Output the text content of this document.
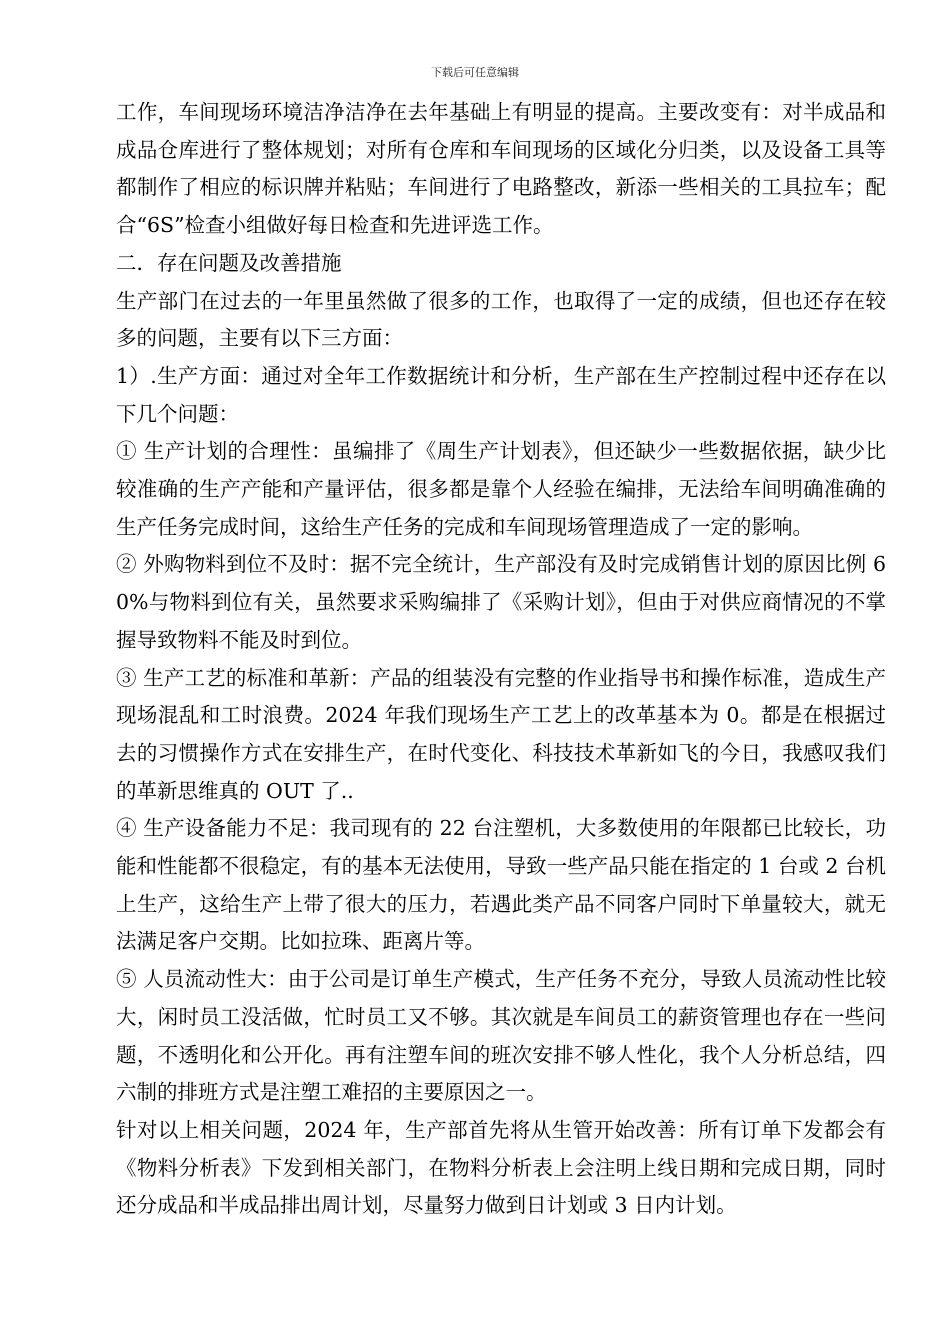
下载后可任意编辑

工作，车间现场环境洁净洁净在去年基础上有明显的提高。主要改变有：对半成品和成品仓库进行了整体规划；对所有仓库和车间现场的区域化分归类，以及设备工具等都制作了相应的标识牌并粘贴；车间进行了电路整改，新添一些相关的工具拉车；配合“6S”检查小组做好每日检查和先进评选工作。

二．存在问题及改善措施

生产部门在过去的一年里虽然做了很多的工作，也取得了一定的成绩，但也还存在较多的问题，主要有以下三方面：

1）.生产方面：通过对全年工作数据统计和分析，生产部在生产控制过程中还存在以下几个问题：

① 生产计划的合理性：虽编排了《周生产计划表》，但还缺少一些数据依据，缺少比较准确的生产产能和产量评估，很多都是靠个人经验在编排，无法给车间明确准确的生产任务完成时间，这给生产任务的完成和车间现场管理造成了一定的影响。

② 外购物料到位不及时：据不完全统计，生产部没有及时完成销售计划的原因比例 60%与物料到位有关，虽然要求采购编排了《采购计划》，但由于对供应商情况的不掌握导致物料不能及时到位。

③ 生产工艺的标准和革新：产品的组装没有完整的作业指导书和操作标准，造成生产现场混乱和工时浪费。2024 年我们现场生产工艺上的改革基本为 0。都是在根据过去的习惯操作方式在安排生产，在时代变化、科技技术革新如飞的今日，我感叹我们的革新思维真的 OUT 了..

④ 生产设备能力不足：我司现有的 22 台注塑机，大多数使用的年限都已比较长，功能和性能都不很稳定，有的基本无法使用，导致一些产品只能在指定的 1 台或 2 台机上生产，这给生产上带了很大的压力，若遇此类产品不同客户同时下单量较大，就无法满足客户交期。比如拉珠、距离片等。

⑤ 人员流动性大：由于公司是订单生产模式，生产任务不充分，导致人员流动性比较大，闲时员工没活做，忙时员工又不够。其次就是车间员工的薪资管理也存在一些问题，不透明化和公开化。再有注塑车间的班次安排不够人性化，我个人分析总结，四六制的排班方式是注塑工难招的主要原因之一。

针对以上相关问题，2024 年，生产部首先将从生管开始改善：所有订单下发都会有《物料分析表》下发到相关部门，在物料分析表上会注明上线日期和完成日期，同时还分成品和半成品排出周计划，尽量努力做到日计划或 3 日内计划。
